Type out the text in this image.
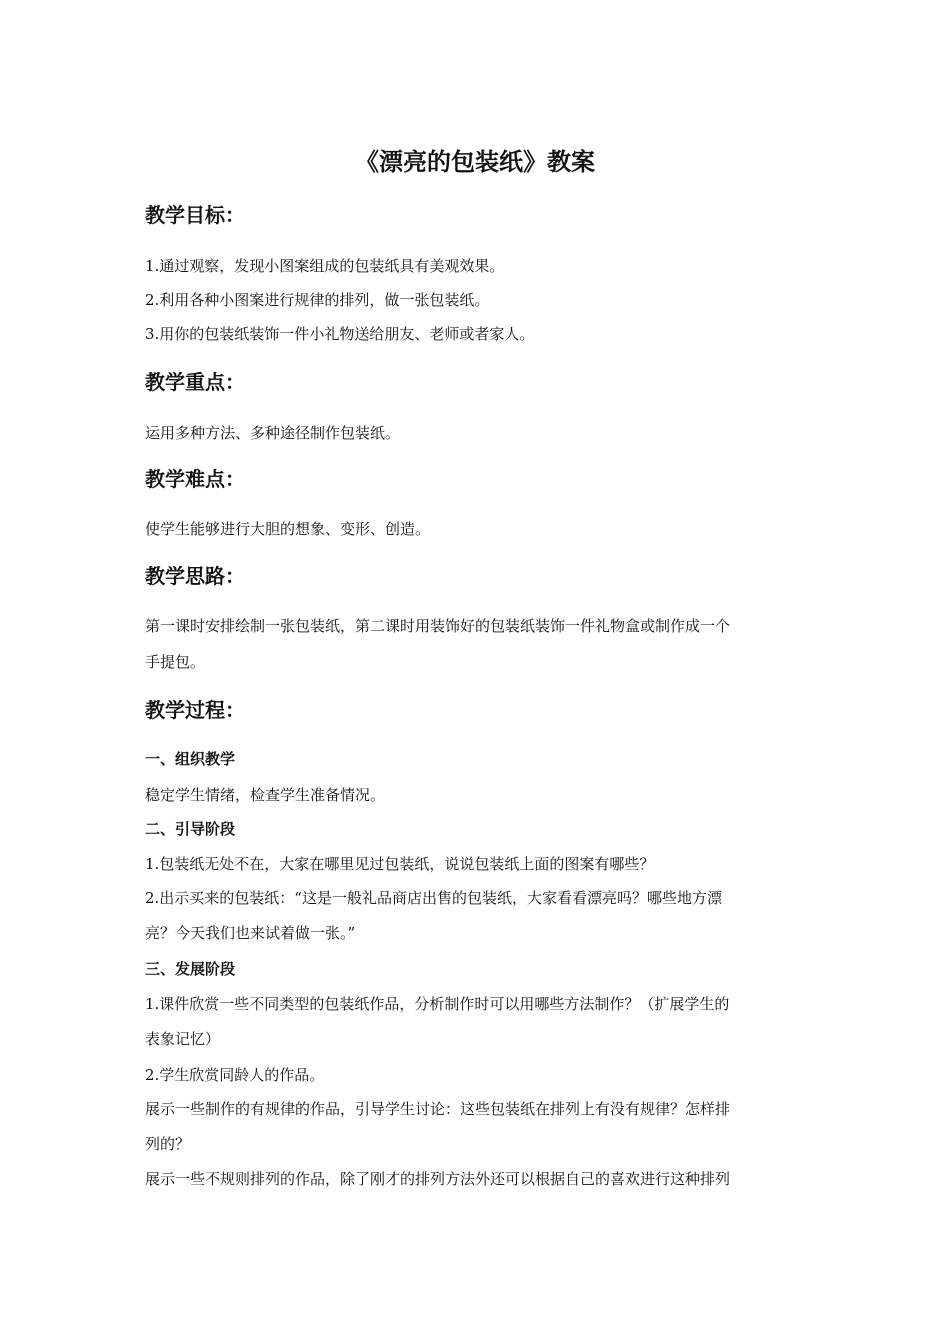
《漂亮的包装纸》教案
教学目标：
1.通过观察，发现小图案组成的包装纸具有美观效果。
2.利用各种小图案进行规律的排列，做一张包装纸。
3.用你的包装纸装饰一件小礼物送给朋友、老师或者家人。
教学重点：
运用多种方法、多种途径制作包装纸。
教学难点：
使学生能够进行大胆的想象、变形、创造。
教学思路：
第一课时安排绘制一张包装纸，第二课时用装饰好的包装纸装饰一件礼物盒或制作成一个
手提包。
教学过程：
一、组织教学
稳定学生情绪，检查学生准备情况。
二、引导阶段
1.包装纸无处不在，大家在哪里见过包装纸，说说包装纸上面的图案有哪些？
2.出示买来的包装纸：“这是一般礼品商店出售的包装纸，大家看看漂亮吗？哪些地方漂
亮？今天我们也来试着做一张。”
三、发展阶段
1.课件欣赏一些不同类型的包装纸作品，分析制作时可以用哪些方法制作？（扩展学生的
表象记忆）
2.学生欣赏同龄人的作品。
展示一些制作的有规律的作品，引导学生讨论：这些包装纸在排列上有没有规律？怎样排
列的？
展示一些不规则排列的作品，除了刚才的排列方法外还可以根据自己的喜欢进行这种排列
